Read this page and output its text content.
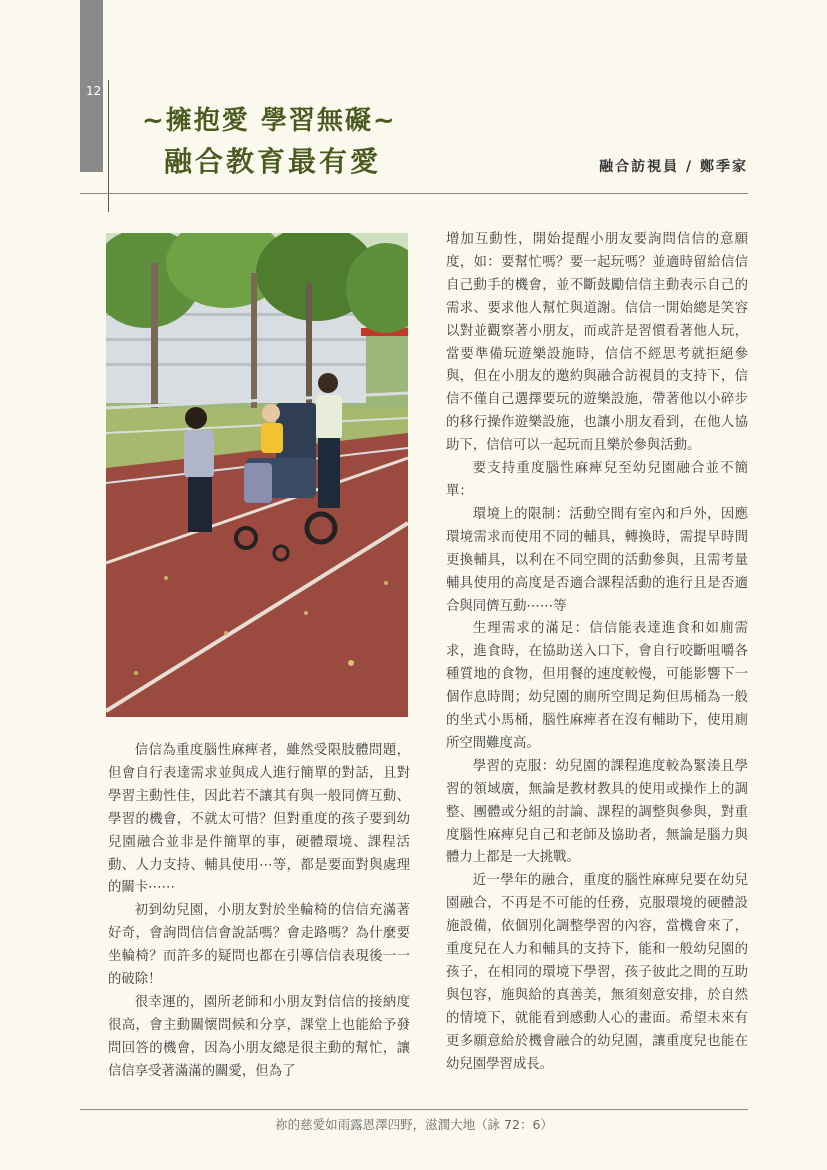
12
~擁抱愛 學習無礙~
融合教育最有愛	融合訪視員 / 鄭季家

信信為重度腦性麻痺者，雖然受限肢體問題，但會自行表達需求並與成人進行簡單的對話，且對學習主動性佳，因此若不讓其有與一般同儕互動、學習的機會，不就太可惜？但對重度的孩子要到幼兒園融合並非是件簡單的事，硬體環境、課程活動、人力支持、輔具使用⋯等，都是要面對與處理的關卡⋯⋯

初到幼兒園，小朋友對於坐輪椅的信信充滿著好奇，會詢問信信會說話嗎？會走路嗎？為什麼要坐輪椅？而許多的疑問也都在引導信信表現後一一的破除！

很幸運的，園所老師和小朋友對信信的接納度很高，會主動關懷問候和分享，課堂上也能給予發問回答的機會，因為小朋友總是很主動的幫忙，讓信信享受著滿滿的關愛，但為了

增加互動性，開始提醒小朋友要詢問信信的意願度，如：要幫忙嗎？要一起玩嗎？並適時留給信信自己動手的機會，並不斷鼓勵信信主動表示自己的需求、要求他人幫忙與道謝。信信一開始總是笑容以對並觀察著小朋友，而或許是習慣看著他人玩，當要準備玩遊樂設施時，信信不經思考就拒絕參與，但在小朋友的邀約與融合訪視員的支持下，信信不僅自己選擇要玩的遊樂設施，帶著他以小碎步的移行操作遊樂設施，也讓小朋友看到，在他人協助下，信信可以一起玩而且樂於參與活動。

要支持重度腦性麻痺兒至幼兒園融合並不簡單：

環境上的限制：活動空間有室內和戶外，因應環境需求而使用不同的輔具，轉換時，需提早時間更換輔具，以利在不同空間的活動參與，且需考量輔具使用的高度是否適合課程活動的進行且是否適合與同儕互動⋯⋯等

生理需求的滿足：信信能表達進食和如廁需求，進食時，在協助送入口下，會自行咬斷咀嚼各種質地的食物，但用餐的速度較慢，可能影響下一個作息時間；幼兒園的廁所空間足夠但馬桶為一般的坐式小馬桶，腦性麻痺者在沒有輔助下，使用廁所空間難度高。

學習的克服：幼兒園的課程進度較為緊湊且學習的領域廣，無論是教材教具的使用或操作上的調整、團體或分組的討論、課程的調整與參與，對重度腦性麻痺兒自己和老師及協助者，無論是腦力與體力上都是一大挑戰。

近一學年的融合，重度的腦性麻痺兒要在幼兒園融合，不再是不可能的任務，克服環境的硬體設施設備，依個別化調整學習的內容，當機會來了，重度兒在人力和輔具的支持下，能和一般幼兒園的孩子，在相同的環境下學習，孩子彼此之間的互助與包容，施與給的真善美，無須刻意安排，於自然的情境下，就能看到感動人心的畫面。希望未來有更多願意給於機會融合的幼兒園，讓重度兒也能在幼兒園學習成長。

祢的慈愛如雨露恩澤四野，滋潤大地（詠 72：6）
